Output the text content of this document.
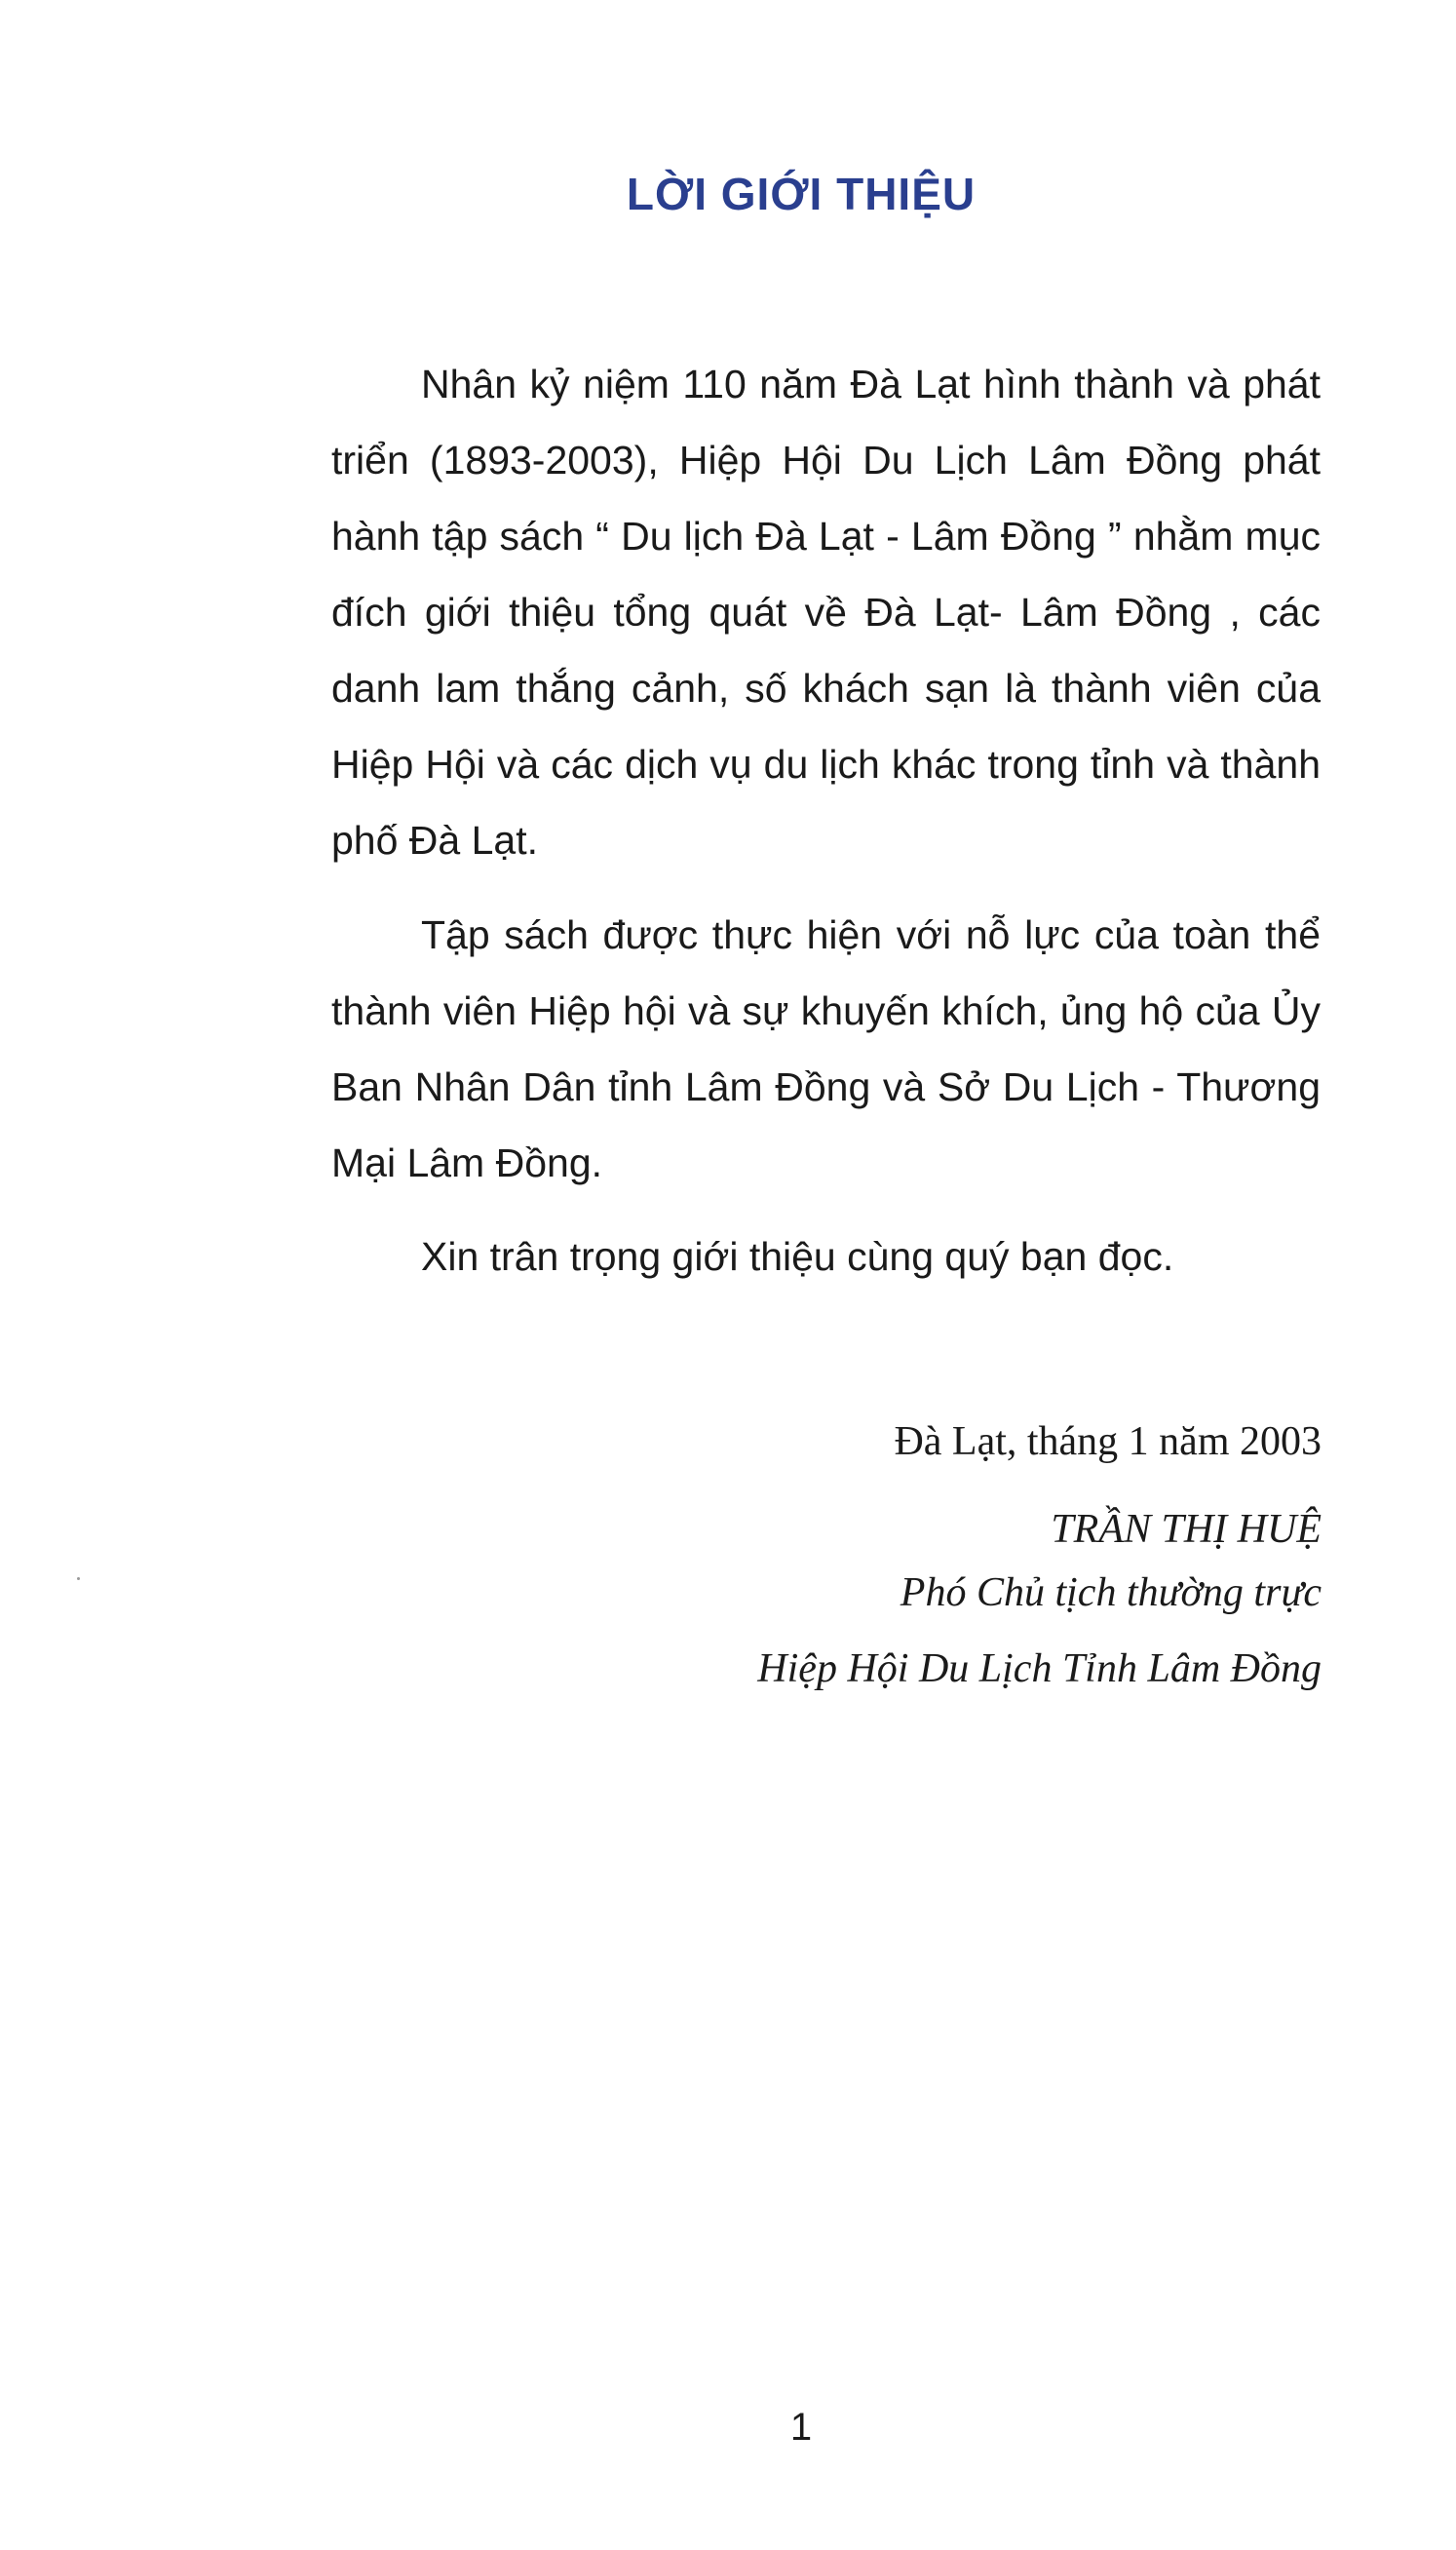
LỜI GIỚI THIỆU

Nhân kỷ niệm 110 năm Đà Lạt hình thành và phát triển (1893-2003), Hiệp Hội Du Lịch Lâm Đồng phát hành tập sách “ Du lịch Đà Lạt - Lâm Đồng ” nhằm mục đích giới thiệu tổng quát về Đà Lạt- Lâm Đồng , các danh lam thắng cảnh, số khách sạn là thành viên của Hiệp Hội và các dịch vụ du lịch khác trong tỉnh và thành phố Đà Lạt.

Tập sách được thực hiện với nỗ lực của toàn thể thành viên Hiệp hội và sự khuyến khích, ủng hộ của Ủy Ban Nhân Dân tỉnh Lâm Đồng và Sở Du Lịch - Thương Mại Lâm Đồng.

Xin trân trọng giới thiệu cùng quý bạn đọc.

Đà Lạt, tháng 1 năm 2003
TRẦN THỊ HUỆ
Phó Chủ tịch thường trực
Hiệp Hội Du Lịch Tỉnh Lâm Đồng
1
